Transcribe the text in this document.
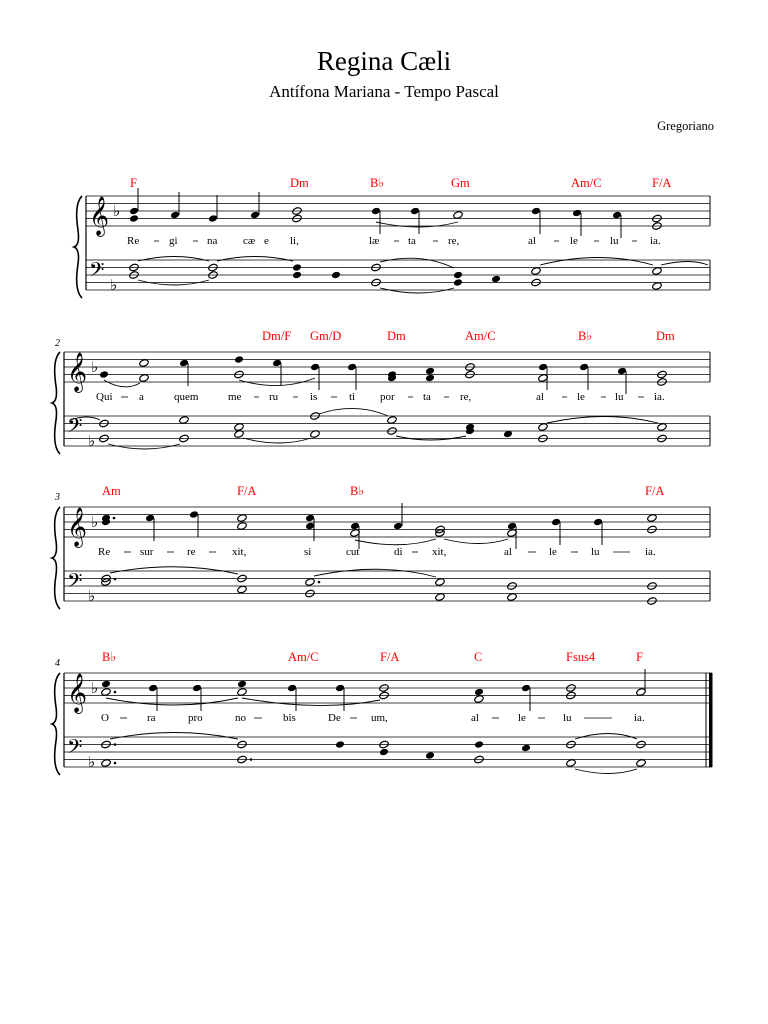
Regina Cæli
Antífona Mariana - Tempo Pascal
Gregoriano
F	Dm	B♭	Gm	Am/C	F/A
𝄞 ♭
𝄢 ♭
Re	gi	na cæ e li,	læ	ta	re,	al	le	lu	ia.
2
Dm/F Gm/D	Dm	Am/C	B♭	Dm
𝄞 ♭
𝄢 ♭
Qui a	quem	me	ru	is	ti por	ta	re,	al	le	lu	ia.
3	Am	F/A	B♭	F/A
𝄞 ♭
𝄢 ♭
Re	sur	re	xit,	si	cut	di	xit,	al	le	lu	ia.
4	B♭	Am/C	F/A	C	Fsus4	F
𝄞 ♭
𝄢 ♭
O	ra	pro	no	bis	De	um,	al	le	lu	ia.
